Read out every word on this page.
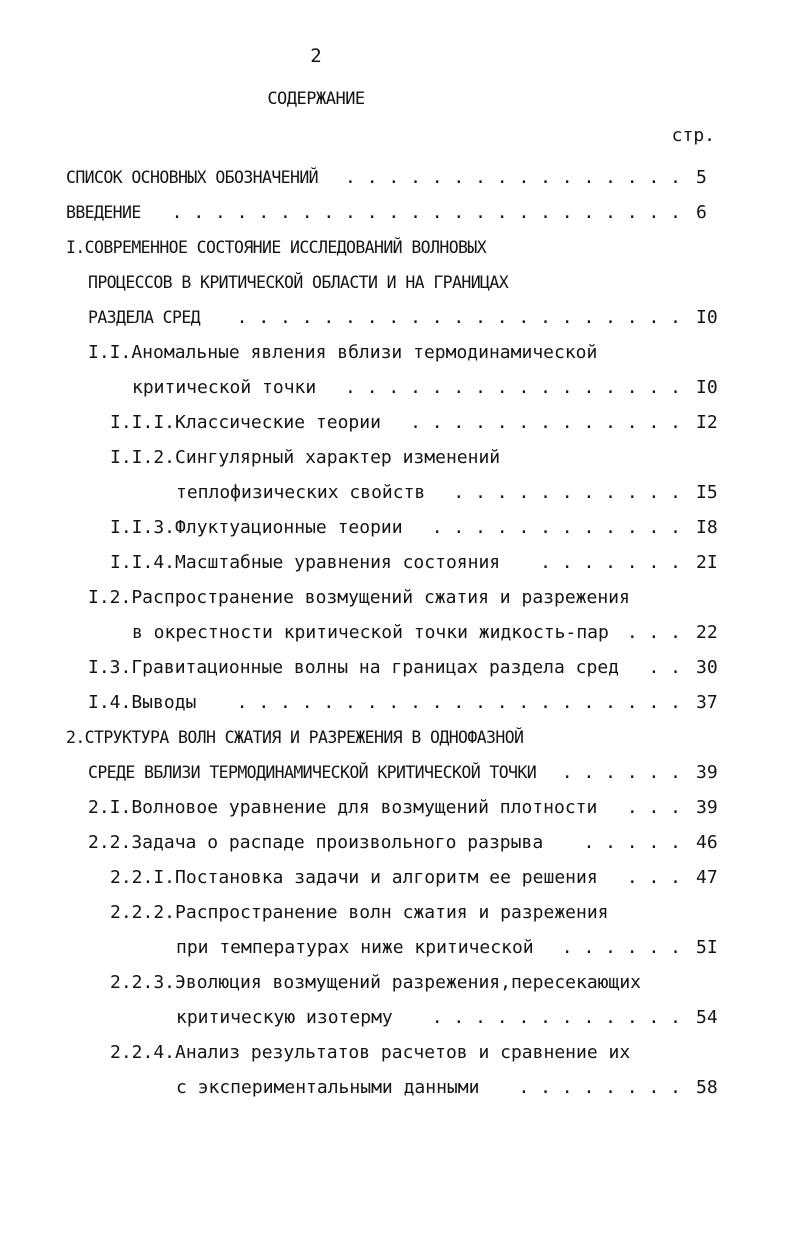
2
СОДЕРЖАНИЕ
стр.
СПИСОК ОСНОВНЫХ ОБОЗНАЧЕНИЙ	. . . . . . . . . . . . . . . . 5
ВВЕДЕНИЕ	. . . . . . . . . . . . . . . . . . . . . . . . 6
I.СОВРЕМЕННОЕ СОСТОЯНИЕ ИССЛЕДОВАНИЙ ВОЛНОВЫХ
ПРОЦЕССОВ В КРИТИЧЕСКОЙ ОБЛАСТИ И НА ГРАНИЦАХ
РАЗДЕЛА СРЕД	. . . . . . . . . . . . . . . . . . . . . I0
I.I.Аномальные явления вблизи термодинамической
критической точки	. . . . . . . . . . . . . . . . I0
I.I.I.Классические теории	. . . . . . . . . . . . . I2
I.I.2.Сингулярный характер изменений
теплофизических свойств	. . . . . . . . . . . I5
I.I.3.Флуктуационные теории	. . . . . . . . . . . . I8
I.I.4.Масштабные уравнения состояния	. . . . . . . 2I
I.2.Распространение возмущений сжатия и разрежения
в окрестности критической точки жидкость-пар . . . 22
I.3.Гравитационные волны на границах раздела сред	. . 30
I.4.Выводы	. . . . . . . . . . . . . . . . . . . . . 37
2.СТРУКТУРА ВОЛН СЖАТИЯ И РАЗРЕЖЕНИЯ В ОДНОФАЗНОЙ
СРЕДЕ ВБЛИЗИ ТЕРМОДИНАМИЧЕСКОЙ КРИТИЧЕСКОЙ ТОЧКИ	. . . . . . 39
2.I.Волновое уравнение для возмущений плотности	. . . 39
2.2.Задача о распаде произвольного разрыва	. . . . . 46
2.2.I.Постановка задачи и алгоритм ее решения	. . . 47
2.2.2.Распространение волн сжатия и разрежения
при температурах ниже критической	. . . . . . 5I
2.2.3.Эволюция возмущений разрежения,пересекающих
критическую изотерму	. . . . . . . . . . . . 54
2.2.4.Анализ результатов расчетов и сравнение их
с экспериментальными данными	. . . . . . . . 58
